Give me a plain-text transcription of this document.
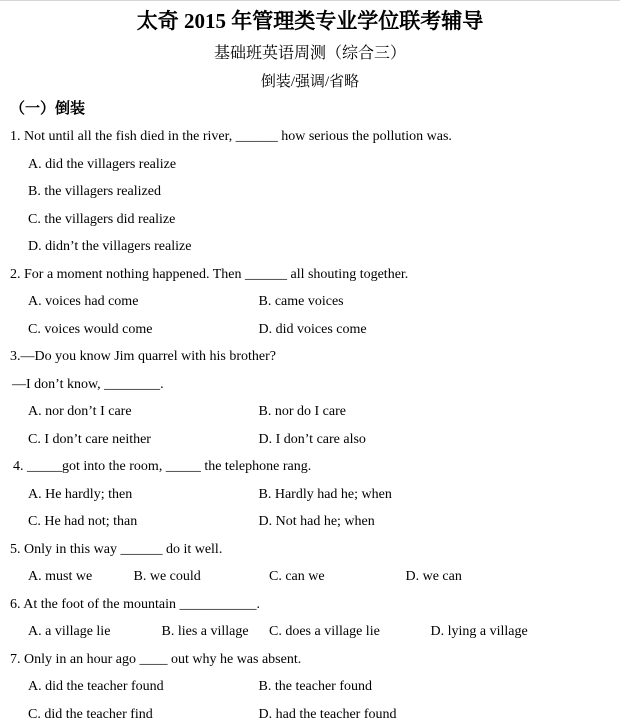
太奇 2015 年管理类专业学位联考辅导
基础班英语周测（综合三）
倒装/强调/省略
（一）倒装
1. Not until all the fish died in the river, ______ how serious the pollution was.
A. did the villagers realize
B. the villagers realized
C. the villagers did realize
D. didn’t the villagers realize
2. For a moment nothing happened. Then ______ all shouting together.
A. voices had come	B. came voices
C. voices would come	D. did voices come
3.—Do you know Jim quarrel with his brother?
—I don’t know, ________.
A. nor don’t I care	B. nor do I care
C. I don’t care neither	D. I don’t care also
4. _____got into the room, _____ the telephone rang.
A. He hardly; then	B. Hardly had he; when
C. He had not; than	D. Not had he; when
5. Only in this way ______ do it well.
A. must we	B. we could	C. can we	D. we can
6. At the foot of the mountain ___________.
A. a village lie	B. lies a village C. does a village lie	D. lying a village
7. Only in an hour ago ____ out why he was absent.
A. did the teacher found	B. the teacher found
C. did the teacher find	D. had the teacher found
